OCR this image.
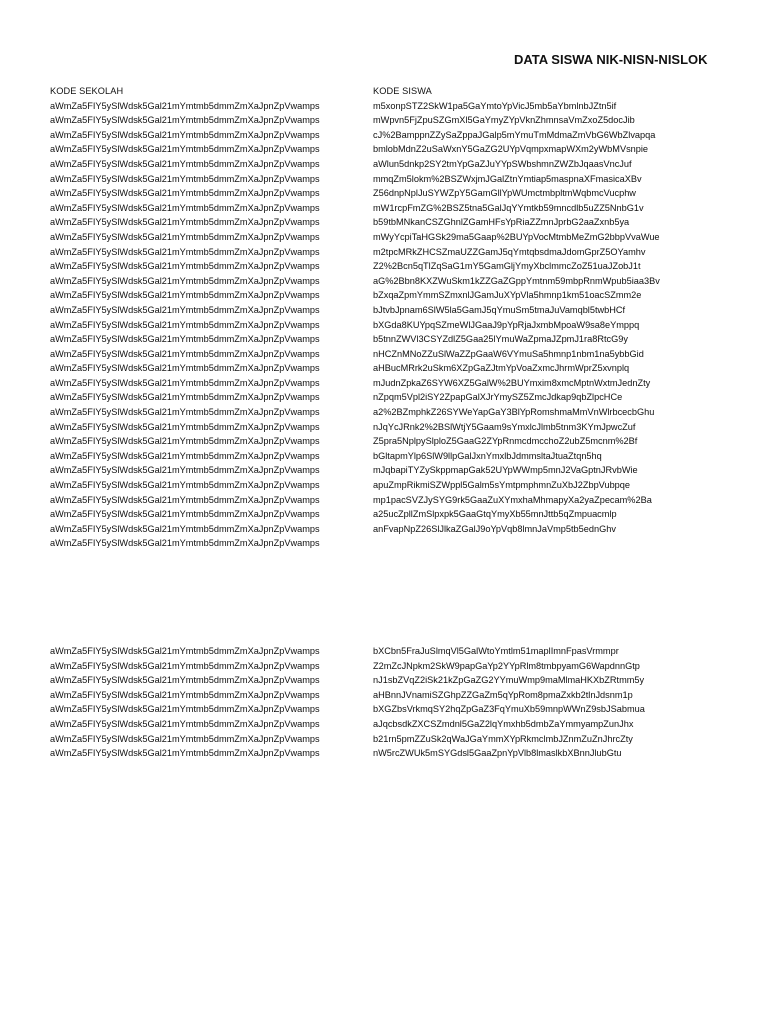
DATA SISWA NIK-NISN-NISLOK
KODE SEKOLAH
aWmZa5FIY5ySlWdsk5Gal21mYmtmb5dmmZmXaJpnZpVwamps
aWmZa5FIY5ySlWdsk5Gal21mYmtmb5dmmZmXaJpnZpVwamps
aWmZa5FIY5ySlWdsk5Gal21mYmtmb5dmmZmXaJpnZpVwamps
aWmZa5FIY5ySlWdsk5Gal21mYmtmb5dmmZmXaJpnZpVwamps
aWmZa5FIY5ySlWdsk5Gal21mYmtmb5dmmZmXaJpnZpVwamps
aWmZa5FIY5ySlWdsk5Gal21mYmtmb5dmmZmXaJpnZpVwamps
aWmZa5FIY5ySlWdsk5Gal21mYmtmb5dmmZmXaJpnZpVwamps
aWmZa5FIY5ySlWdsk5Gal21mYmtmb5dmmZmXaJpnZpVwamps
aWmZa5FIY5ySlWdsk5Gal21mYmtmb5dmmZmXaJpnZpVwamps
aWmZa5FIY5ySlWdsk5Gal21mYmtmb5dmmZmXaJpnZpVwamps
aWmZa5FIY5ySlWdsk5Gal21mYmtmb5dmmZmXaJpnZpVwamps
aWmZa5FIY5ySlWdsk5Gal21mYmtmb5dmmZmXaJpnZpVwamps
aWmZa5FIY5ySlWdsk5Gal21mYmtmb5dmmZmXaJpnZpVwamps
aWmZa5FIY5ySlWdsk5Gal21mYmtmb5dmmZmXaJpnZpVwamps
aWmZa5FIY5ySlWdsk5Gal21mYmtmb5dmmZmXaJpnZpVwamps
aWmZa5FIY5ySlWdsk5Gal21mYmtmb5dmmZmXaJpnZpVwamps
aWmZa5FIY5ySlWdsk5Gal21mYmtmb5dmmZmXaJpnZpVwamps
aWmZa5FIY5ySlWdsk5Gal21mYmtmb5dmmZmXaJpnZpVwamps
aWmZa5FIY5ySlWdsk5Gal21mYmtmb5dmmZmXaJpnZpVwamps
aWmZa5FIY5ySlWdsk5Gal21mYmtmb5dmmZmXaJpnZpVwamps
aWmZa5FIY5ySlWdsk5Gal21mYmtmb5dmmZmXaJpnZpVwamps
aWmZa5FIY5ySlWdsk5Gal21mYmtmb5dmmZmXaJpnZpVwamps
aWmZa5FIY5ySlWdsk5Gal21mYmtmb5dmmZmXaJpnZpVwamps
aWmZa5FIY5ySlWdsk5Gal21mYmtmb5dmmZmXaJpnZpVwamps
aWmZa5FIY5ySlWdsk5Gal21mYmtmb5dmmZmXaJpnZpVwamps
aWmZa5FIY5ySlWdsk5Gal21mYmtmb5dmmZmXaJpnZpVwamps
aWmZa5FIY5ySlWdsk5Gal21mYmtmb5dmmZmXaJpnZpVwamps
aWmZa5FIY5ySlWdsk5Gal21mYmtmb5dmmZmXaJpnZpVwamps
aWmZa5FIY5ySlWdsk5Gal21mYmtmb5dmmZmXaJpnZpVwamps
aWmZa5FIY5ySlWdsk5Gal21mYmtmb5dmmZmXaJpnZpVwamps
aWmZa5FIY5ySlWdsk5Gal21mYmtmb5dmmZmXaJpnZpVwamps
KODE SISWA
m5xonpSTZ2SkW1pa5GaYmtoYpVicJ5mb5aYbmlnbJZtn5if
mWpvn5FjZpuSZGmXl5GaYmyZYpVknZhmnsaVmZxoZ5docJib
cJ%2BamppnZZySaZppaJGalp5mYmuTmMdmaZmVbG6WbZlvapqa
bmlobMdnZ2uSaWxnY5GaZG2UYpVqmpxmapWXm2yWbMVsnpie
aWlun5dnkp2SY2tmYpGaZJuYYpSWbshmnZWZbJqaasVncJuf
mmqZm5lokm%2BSZWxjmJGalZtnYmtiap5maspnaXFmasicaXBv
Z56dnpNplJuSYWZpY5GamGllYpWUmctmbpltmWqbmcVucphw
mW1rcpFmZG%2BSZ5tna5GalJqYYmtkb59mncdlb5uZZ5NnbG1v
b59tbMNkanCSZGhnlZGamHFsYpRiaZZmnJprbG2aaZxnb5ya
mWyYcpiTaHGSk29ma5Gaap%2BUYpVocMtmbMeZmG2bbpVvaWue
m2tpcMRkZHCSZmaUZZGamJ5qYmtqbsdmaJdomGprZ5OYamhv
Z2%2Bcn5qTlZqSaG1mY5GamGljYmyXbclmmcZoZ51uaJZobJ1t
aG%2Bbn8KXZWuSkm1kZZGaZGppYmtnm59mbpRnmWpub5iaa3Bv
bZxqaZpmYmmSZmxnlJGamJuXYpVla5hmnp1km51oacSZmm2e
bJtvbJpnam6SlW5la5GamJ5qYmuSm5tmaJuVamqbl5twbHCf
bXGda8KUYpqSZmeWlJGaaJ9pYpRjaJxmbMpoaW9sa8eYmppq
b5tnnZWVl3CSYZdlZ5Gaa25lYmuWaZpmaJZpmJ1ra8RtcG9y
nHCZnMNoZZuSlWaZZpGaaW6VYmuSa5hmnp1nbm1na5ybbGid
aHBucMRrk2uSkm6XZpGaZJtmYpVoaZxmcJhrmWprZ5xvnplq
mJudnZpkaZ6SYW6XZ5GalW%2BUYmxim8xmcMptnWxtmJednZty
nZpqm5Vpl2iSY2ZpapGalXJrYmySZ5ZmcJdkap9qbZlpcHCe
a2%2BZmphkZ26SYWeYapGaY3BlYpRomshmaMmVnWlrbcecbGhu
nJqYcJRnk2%2BSlWtjY5Gaam9sYmxlcJlmb5tnm3KYmJpwcZuf
Z5pra5NplpySlploZ5GaaG2ZYpRnmcdmcchoZ2ubZ5mcnm%2Bf
bGltapmYlp6SlW9llpGalJxnYmxlbJdmmsltaJtuaZtqn5hq
mJqbapiTYZySkppmapGak52UYpWWmp5mnJ2VaGptnJRvbWie
apuZmpRikmiSZWppl5Galm5sYmtpmphmnZuXbJ2ZbpVubpqe
mp1pacSVZJySYG9rk5GaaZuXYmxhaMhmapyXa2yaZpecam%2Ba
a25ucZpllZmSlpxpk5GaaGtqYmyXb55mnJttb5qZmpuacmlp
anFvapNpZ26SlJlkaZGalJ9oYpVqb8lmnJaVmp5tb5ednGhv
aWmZa5FIY5ySlWdsk5Gal21mYmtmb5dmmZmXaJpnZpVwamps
aWmZa5FIY5ySlWdsk5Gal21mYmtmb5dmmZmXaJpnZpVwamps
aWmZa5FIY5ySlWdsk5Gal21mYmtmb5dmmZmXaJpnZpVwamps
aWmZa5FIY5ySlWdsk5Gal21mYmtmb5dmmZmXaJpnZpVwamps
aWmZa5FIY5ySlWdsk5Gal21mYmtmb5dmmZmXaJpnZpVwamps
aWmZa5FIY5ySlWdsk5Gal21mYmtmb5dmmZmXaJpnZpVwamps
aWmZa5FIY5ySlWdsk5Gal21mYmtmb5dmmZmXaJpnZpVwamps
aWmZa5FIY5ySlWdsk5Gal21mYmtmb5dmmZmXaJpnZpVwamps
bXCbn5FraJuSlmqVl5GalWtoYmtlm51maplImnFpasVrmmpr
Z2mZcJNpkm2SkW9papGaYp2YYpRlm8tmbpyamG6WapdnnGtp
nJ1sbZVqZ2iSk21kZpGaZG2YYmuWmp9maMlmaHKXbZRtmm5y
aHBnnJVnamiSZGhpZZGaZm5qYpRom8pmaZxkb2tlnJdsnm1p
bXGZbsVrkmqSY2hqZpGaZ3FqYmuXb59mnpWWnZ9sbJSabmua
aJqcbsdkZXCSZmdnl5GaZ2lqYmxhb5dmbZaYmmyampZunJhx
b21rn5pmZZuSk2qWaJGaYmmXYpRkmclmbJZnmZuZnJhrcZty
nW5rcZWUk5mSYGdsl5GaaZpnYpVlb8lmaslkbXBnnJlubGtu
